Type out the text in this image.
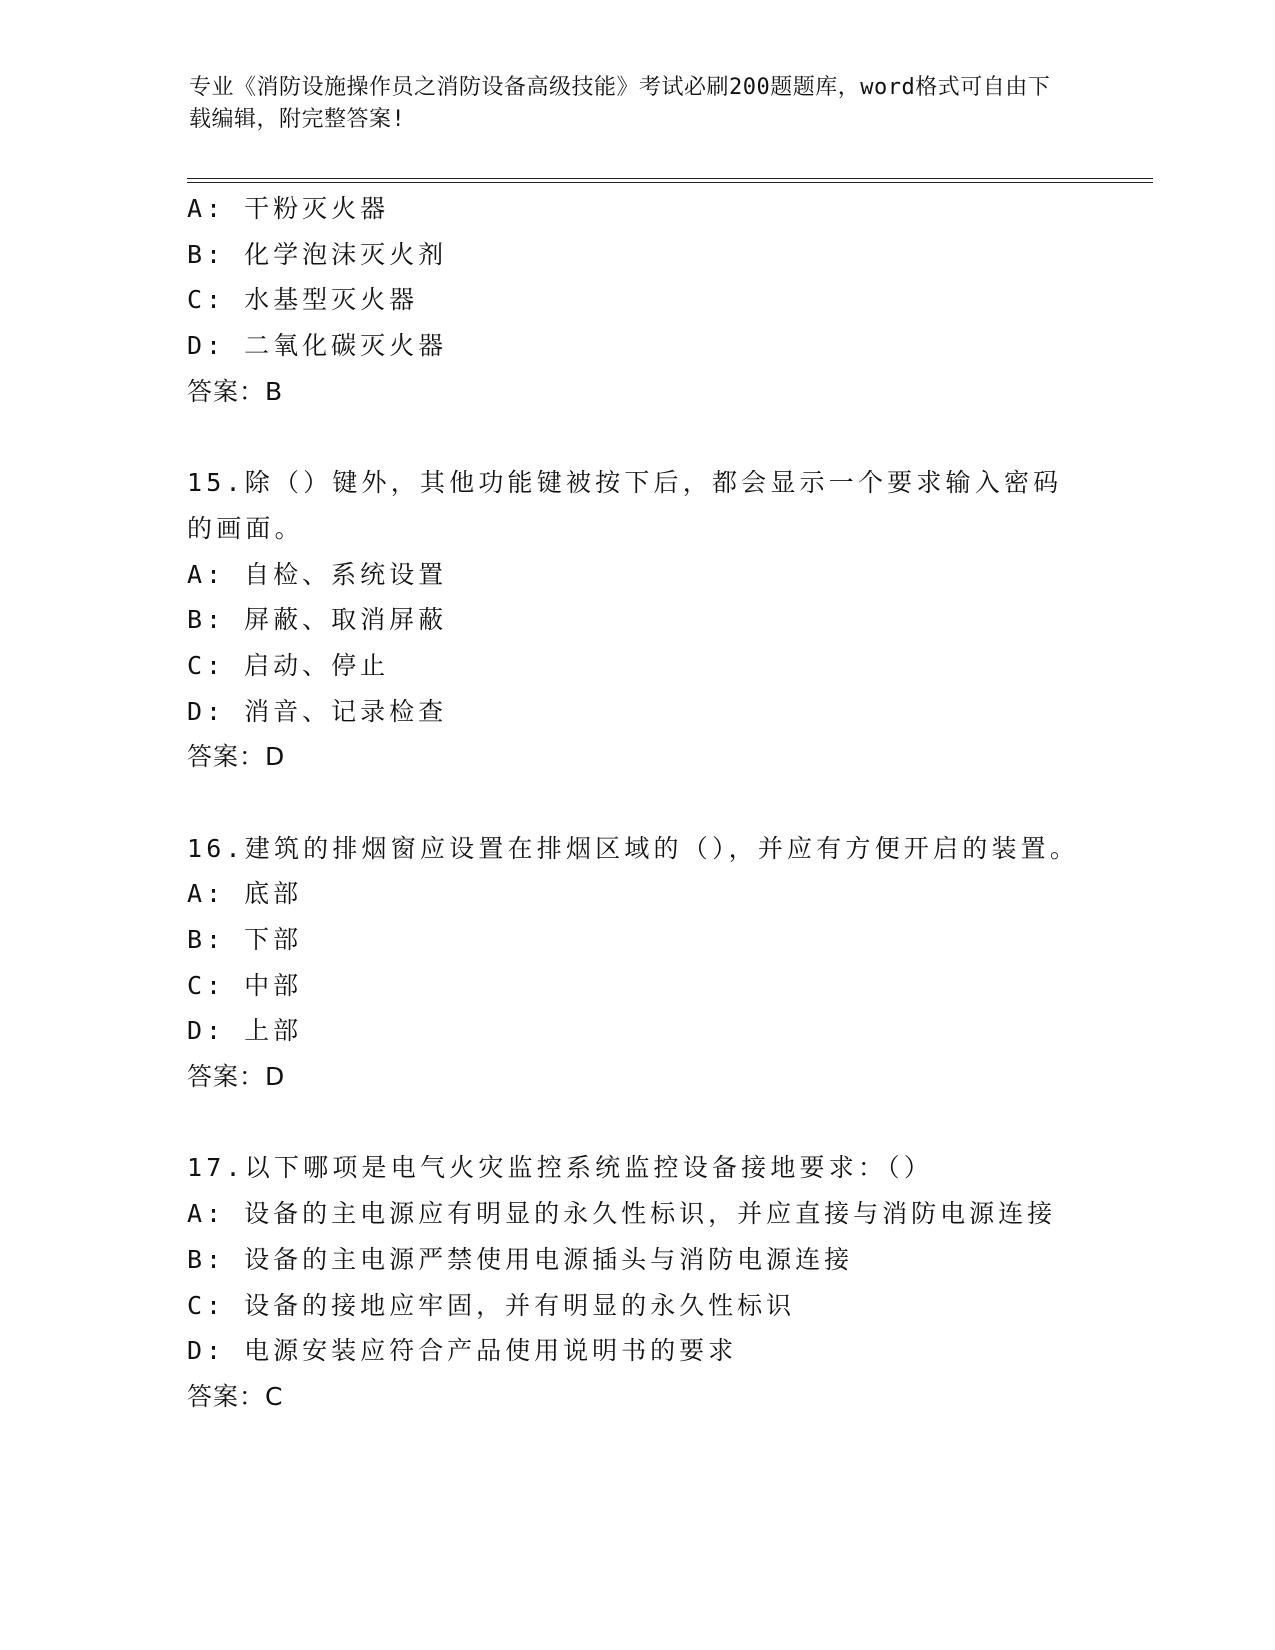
专业《消防设施操作员之消防设备高级技能》考试必刷200题题库，word格式可自由下载编辑，附完整答案!
A: 干粉灭火器
B: 化学泡沫灭火剂
C: 水基型灭火器
D: 二氧化碳灭火器
答案：B
15.除（）键外，其他功能键被按下后，都会显示一个要求输入密码的画面。
A: 自检、系统设置
B: 屏蔽、取消屏蔽
C: 启动、停止
D: 消音、记录检查
答案：D
16.建筑的排烟窗应设置在排烟区域的（），并应有方便开启的装置。
A: 底部
B: 下部
C: 中部
D: 上部
答案：D
17.以下哪项是电气火灾监控系统监控设备接地要求：（）
A: 设备的主电源应有明显的永久性标识，并应直接与消防电源连接
B: 设备的主电源严禁使用电源插头与消防电源连接
C: 设备的接地应牢固，并有明显的永久性标识
D: 电源安装应符合产品使用说明书的要求
答案：C
